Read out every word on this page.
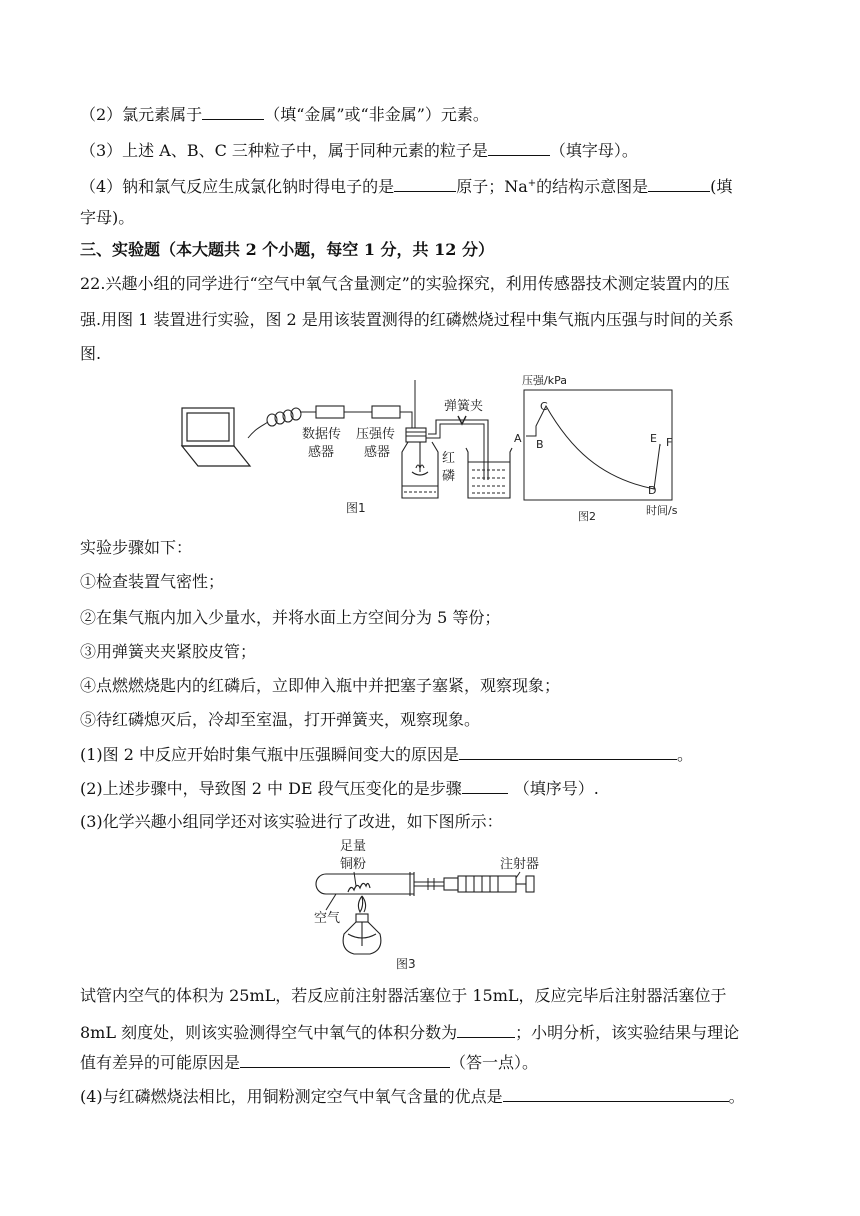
（2）氯元素属于	（填“金属”或“非金属”）元素。
（3）上述 A、B、C 三种粒子中，属于同种元素的粒子是	（填字母）。
（4）钠和氯气反应生成氯化钠时得电子的是	原子；Na+的结构示意图是	(填
字母)。
三、实验题（本大题共 2 个小题，每空 1 分，共 12 分）
22.兴趣小组的同学进行“空气中氧气含量测定”的实验探究，利用传感器技术测定装置内的压
强.用图 1 装置进行实验，图 2 是用该装置测得的红磷燃烧过程中集气瓶内压强与时间的关系
图.
数据传
感器
压强传
感器	红
磷
弹簧夹
图1
压强/kPa
A B
C
D
E F
图2	时间/s
实验步骤如下：
①检查装置气密性；
②在集气瓶内加入少量水，并将水面上方空间分为 5 等份；
③用弹簧夹夹紧胶皮管；
④点燃燃烧匙内的红磷后，立即伸入瓶中并把塞子塞紧，观察现象；
⑤待红磷熄灭后，冷却至室温，打开弹簧夹，观察现象。
(1)图 2 中反应开始时集气瓶中压强瞬间变大的原因是	。
(2)上述步骤中，导致图 2 中 DE 段气压变化的是步骤	（填序号）.
(3)化学兴趣小组同学还对该实验进行了改进，如下图所示：
足量
铜粉
空气
注射器
图3
试管内空气的体积为 25mL，若反应前注射器活塞位于 15mL，反应完毕后注射器活塞位于
8mL 刻度处，则该实验测得空气中氧气的体积分数为	；小明分析，该实验结果与理论
值有差异的可能原因是	（答一点）。
(4)与红磷燃烧法相比，用铜粉测定空气中氧气含量的优点是	。
